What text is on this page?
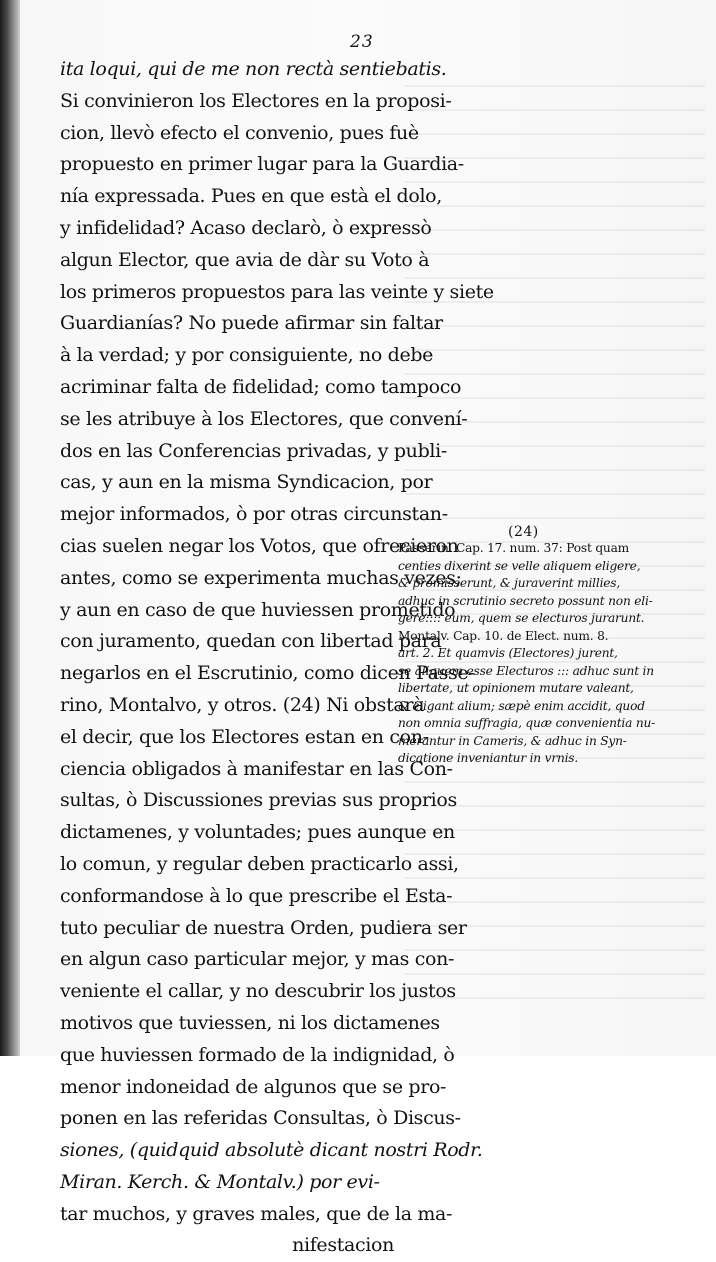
23

ita loqui, qui de me non rectà sentiebatis.
Si convinieron los Electores en la proposi-
cion, llevò efecto el convenio, pues fuè
propuesto en primer lugar para la Guardia-
nía expressada. Pues en que està el dolo,
y infidelidad? Acaso declarò, ò expressò
algun Elector, que avia de dàr su Voto à
los primeros propuestos para las veinte y siete
Guardianías? No puede afirmar sin faltar
à la verdad; y por consiguiente, no debe
acriminar falta de fidelidad; como tampoco
se les atribuye à los Electores, que convení-
dos en las Conferencias privadas, y publi-
cas, y aun en la misma Syndicacion, por
mejor informados, ò por otras circunstan-
cias suelen negar los Votos, que ofrecieron
antes, como se experimenta muchas vezes;
y aun en caso de que huviessen prometido
con juramento, quedan con libertad para
negarlos en el Escrutinio, como dicen Passe-
rino, Montalvo, y otros. (24) Ni obstarà
el decir, que los Electores estan en con-
ciencia obligados à manifestar en las Con-
sultas, ò Discussiones previas sus proprios
dictamenes, y voluntades; pues aunque en
lo comun, y regular deben practicarlo assi,
conformandose à lo que prescribe el Esta-
tuto peculiar de nuestra Orden, pudiera ser
en algun caso particular mejor, y mas con-
veniente el callar, y no descubrir los justos
motivos que tuviessen, ni los dictamenes
que huviessen formado de la indignidad, ò
menor indoneidad de algunos que se pro-
ponen en las referidas Consultas, ò Discus-
siones, (quidquid absolutè dicant nostri Rodr.
Miran. Kerch. & Montalv.) por evi-
tar muchos, y graves males, que de la ma-
nifestacion

(24)

Passerin. Cap. 17. num. 37: Post quam
centies dixerint se velle aliquem eligere,
& promisserunt, & juraverint millies,
adhuc in scrutinio secreto possunt non eli-
gere:::: eum, quem se electuros jurarunt.
Montalv. Cap. 10. de Elect. num. 8.
art. 2. Et quamvis (Electores) jurent,
se aliquem esse Electuros ::: adhuc sunt in
libertate, ut opinionem mutare valeant,
& eligant alium; sæpè enim accidit, quod
non omnia suffragia, quæ convenientia nu-
merantur in Cameris, & adhuc in Syn-
dicatione inveniantur in vrnis.
